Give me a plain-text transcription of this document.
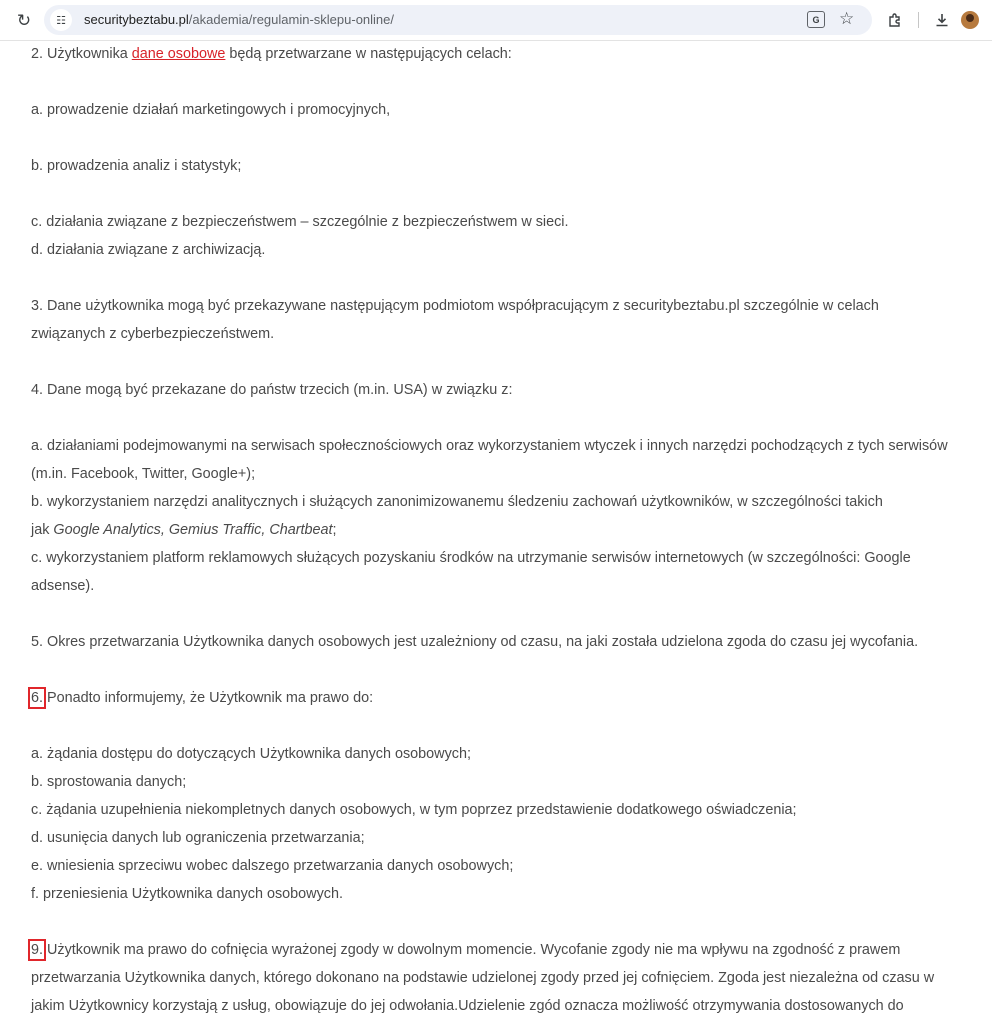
↻	☷	securitybeztabu.pl/akademia/regulamin-sklepu-online/	G	☆

2. Użytkownika dane osobowe będą przetwarzane w następujących celach:

a. prowadzenie działań marketingowych i promocyjnych,

b. prowadzenia analiz i statystyk;

c. działania związane z bezpieczeństwem – szczególnie z bezpieczeństwem w sieci.

d. działania związane z archiwizacją.

3. Dane użytkownika mogą być przekazywane następującym podmiotom współpracującym z securitybeztabu.pl szczególnie w celach

związanych z cyberbezpieczeństwem.

4. Dane mogą być przekazane do państw trzecich (m.in. USA) w związku z:

a. działaniami podejmowanymi na serwisach społecznościowych oraz wykorzystaniem wtyczek i innych narzędzi pochodzących z tych serwisów

(m.in. Facebook, Twitter, Google+);

b. wykorzystaniem narzędzi analitycznych i służących zanonimizowanemu śledzeniu zachowań użytkowników, w szczególności takich

jak Google Analytics, Gemius Traffic, Chartbeat;

c. wykorzystaniem platform reklamowych służących pozyskaniu środków na utrzymanie serwisów internetowych (w szczególności: Google

adsense).

5. Okres przetwarzania Użytkownika danych osobowych jest uzależniony od czasu, na jaki została udzielona zgoda do czasu jej wycofania.

6. Ponadto informujemy, że Użytkownik ma prawo do:

a. żądania dostępu do dotyczących Użytkownika danych osobowych;

b. sprostowania danych;

c. żądania uzupełnienia niekompletnych danych osobowych, w tym poprzez przedstawienie dodatkowego oświadczenia;

d. usunięcia danych lub ograniczenia przetwarzania;

e. wniesienia sprzeciwu wobec dalszego przetwarzania danych osobowych;

f. przeniesienia Użytkownika danych osobowych.

9. Użytkownik ma prawo do cofnięcia wyrażonej zgody w dowolnym momencie. Wycofanie zgody nie ma wpływu na zgodność z prawem

przetwarzania Użytkownika danych, którego dokonano na podstawie udzielonej zgody przed jej cofnięciem. Zgoda jest niezależna od czasu w

jakim Użytkownicy korzystają z usług, obowiązuje do jej odwołania.Udzielenie zgód oznacza możliwość otrzymywania dostosowanych do
